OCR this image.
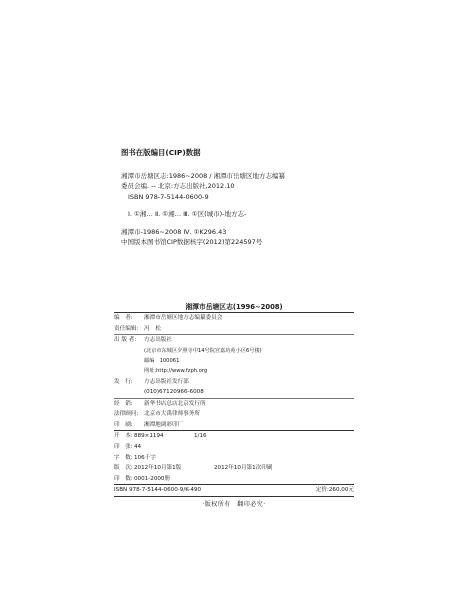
图书在版编目(CIP)数据

湘潭市岳塘区志:1986~2008 / 湘潭市岳塘区地方志编纂

委员会编. -- 北京:方志出版社,2012.10

ISBN 978-7-5144-0600-9

Ⅰ. ①湘… Ⅱ. ①湘… Ⅲ. ①区(城市)-地方志-

湘潭市-1986~2008 Ⅳ. ①K296.43

中国版本图书馆CIP数据核字(2012)第224597号

湘潭市岳塘区志(1996~2008)
编　者:	湘潭市岳塘区地方志编纂委员会
责任编辑:	冯　松
出 版 者:	方志出版社
(北京市东城区夕照寺中14号院宫嘉坊苑小区6号楼)
邮编　100061
网址:http://www.fzph.org
发　行:	方志出版社发行部
(010)67120966-6008
经　销:	新华书店总店北京发行所
法律顾问:	北京市大禹律师事务所
印　刷:	湘潭地调彩印厂
开　本: 889×1194	1/16
印　张: 44
字　数: 106千字
版　次: 2012年10月第1版	2012年10月第1次印刷
印　数: 0001-2000册
ISBN 978-7-5144-0600-9/K-490	定价:260.00元
·版权所有　翻印必究·
